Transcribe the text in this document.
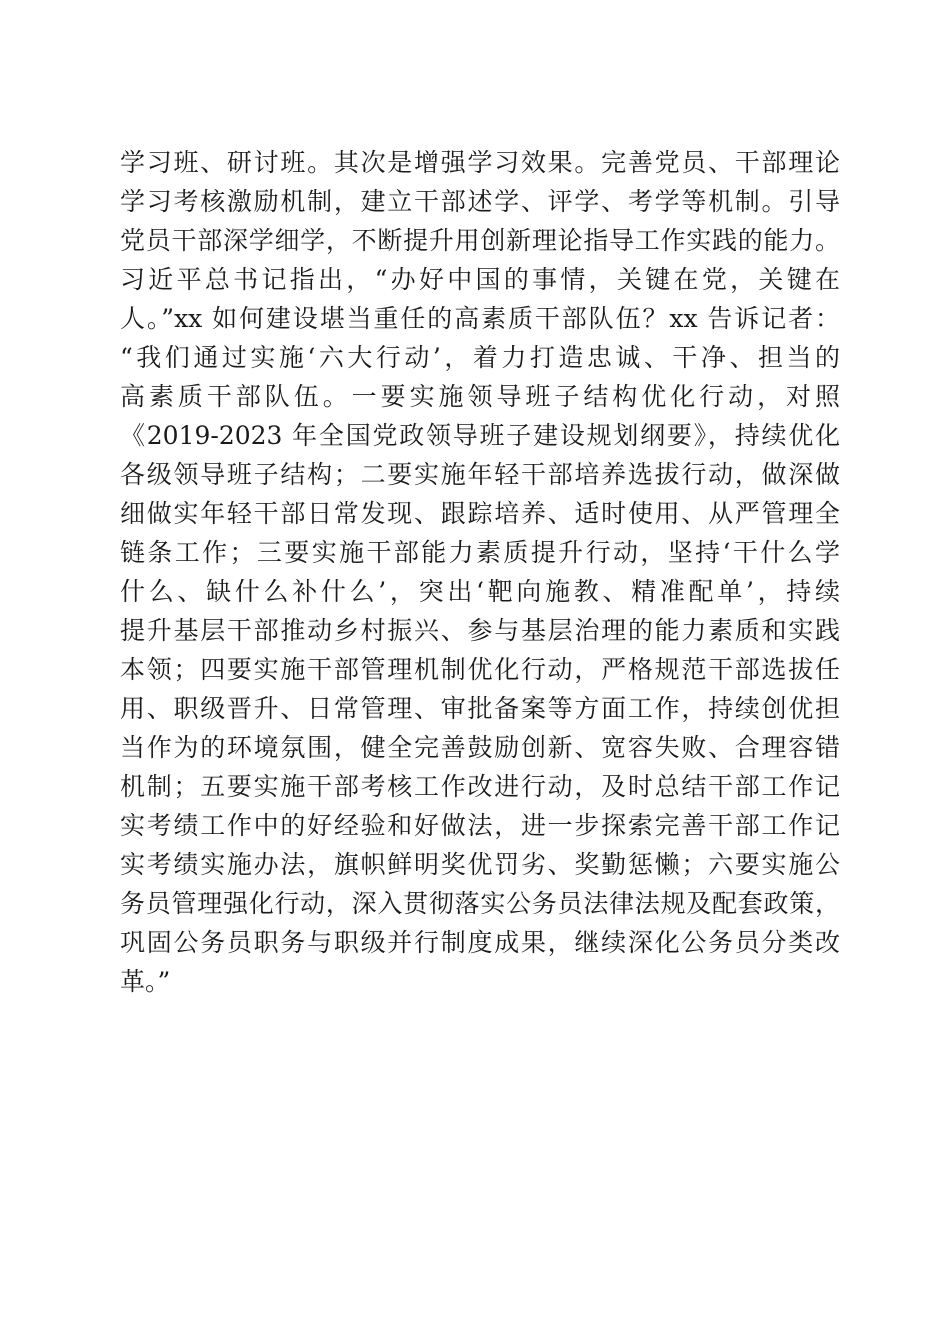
学习班、研讨班。其次是增强学习效果。完善党员、干部理论
学习考核激励机制，建立干部述学、评学、考学等机制。引导
党员干部深学细学，不断提升用创新理论指导工作实践的能力。
习近平总书记指出，“办好中国的事情，关键在党，关键在
人。”xx 如何建设堪当重任的高素质干部队伍？xx 告诉记者：
“我们通过实施‘六大行动’，着力打造忠诚、干净、担当的
高素质干部队伍。一要实施领导班子结构优化行动，对照
《2019-2023 年全国党政领导班子建设规划纲要》，持续优化
各级领导班子结构；二要实施年轻干部培养选拔行动，做深做
细做实年轻干部日常发现、跟踪培养、适时使用、从严管理全
链条工作；三要实施干部能力素质提升行动，坚持‘干什么学
什么、缺什么补什么’，突出‘靶向施教、精准配单’，持续
提升基层干部推动乡村振兴、参与基层治理的能力素质和实践
本领；四要实施干部管理机制优化行动，严格规范干部选拔任
用、职级晋升、日常管理、审批备案等方面工作，持续创优担
当作为的环境氛围，健全完善鼓励创新、宽容失败、合理容错
机制；五要实施干部考核工作改进行动，及时总结干部工作记
实考绩工作中的好经验和好做法，进一步探索完善干部工作记
实考绩实施办法，旗帜鲜明奖优罚劣、奖勤惩懒；六要实施公
务员管理强化行动，深入贯彻落实公务员法律法规及配套政策，
巩固公务员职务与职级并行制度成果，继续深化公务员分类改
革。”
